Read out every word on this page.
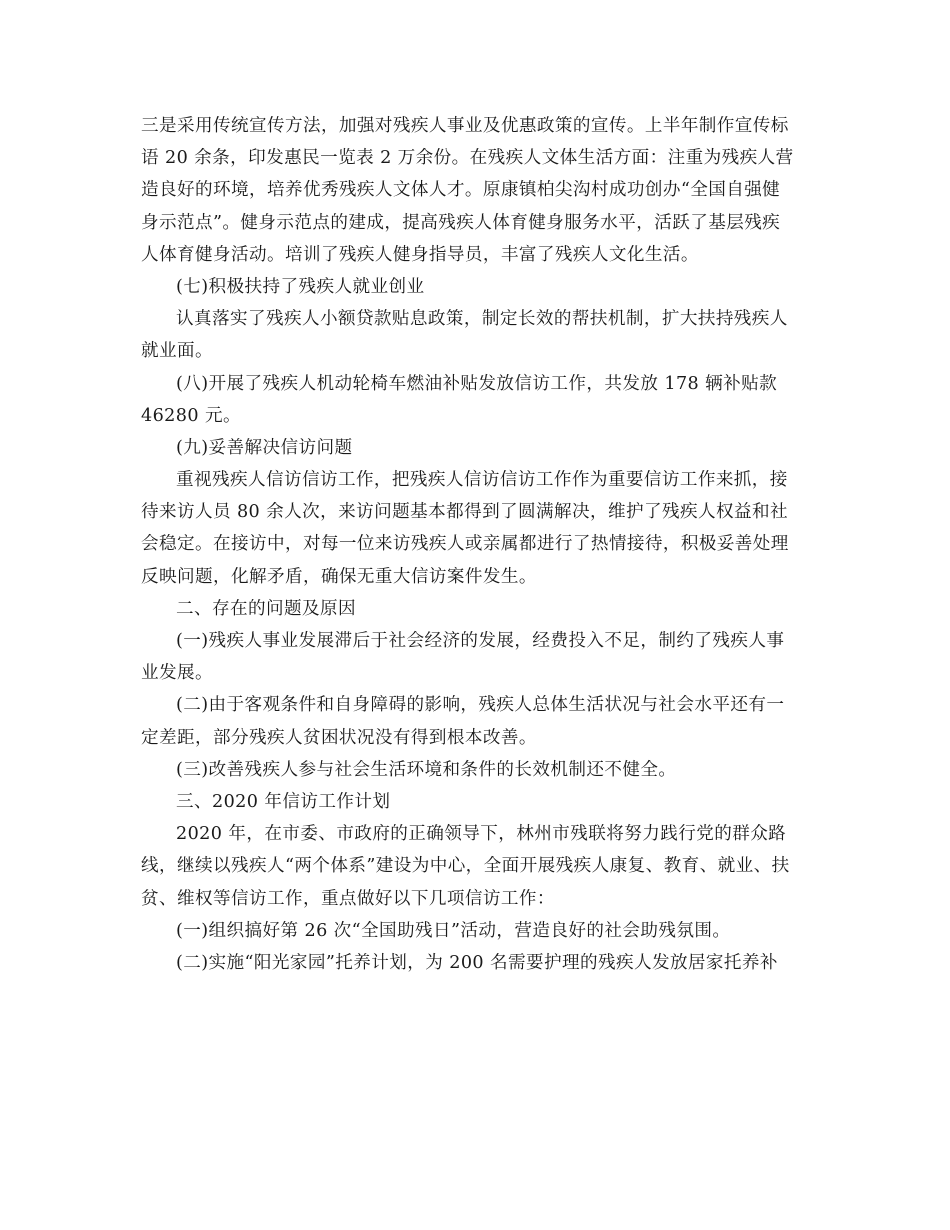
三是采用传统宣传方法，加强对残疾人事业及优惠政策的宣传。上半年制作宣传标
语 20 余条，印发惠民一览表 2 万余份。在残疾人文体生活方面：注重为残疾人营
造良好的环境，培养优秀残疾人文体人才。原康镇柏尖沟村成功创办“全国自强健
身示范点”。健身示范点的建成，提高残疾人体育健身服务水平，活跃了基层残疾
人体育健身活动。培训了残疾人健身指导员，丰富了残疾人文化生活。

(七)积极扶持了残疾人就业创业

认真落实了残疾人小额贷款贴息政策，制定长效的帮扶机制，扩大扶持残疾人
就业面。

(八)开展了残疾人机动轮椅车燃油补贴发放信访工作，共发放 178 辆补贴款
46280 元。

(九)妥善解决信访问题

重视残疾人信访信访工作，把残疾人信访信访工作作为重要信访工作来抓，接
待来访人员 80 余人次，来访问题基本都得到了圆满解决，维护了残疾人权益和社
会稳定。在接访中，对每一位来访残疾人或亲属都进行了热情接待，积极妥善处理
反映问题，化解矛盾，确保无重大信访案件发生。

二、存在的问题及原因

(一)残疾人事业发展滞后于社会经济的发展，经费投入不足，制约了残疾人事
业发展。

(二)由于客观条件和自身障碍的影响，残疾人总体生活状况与社会水平还有一
定差距，部分残疾人贫困状况没有得到根本改善。

(三)改善残疾人参与社会生活环境和条件的长效机制还不健全。

三、2020 年信访工作计划

2020 年，在市委、市政府的正确领导下，林州市残联将努力践行党的群众路
线，继续以残疾人“两个体系”建设为中心，全面开展残疾人康复、教育、就业、扶
贫、维权等信访工作，重点做好以下几项信访工作：

(一)组织搞好第 26 次“全国助残日”活动，营造良好的社会助残氛围。

(二)实施“阳光家园”托养计划，为 200 名需要护理的残疾人发放居家托养补
